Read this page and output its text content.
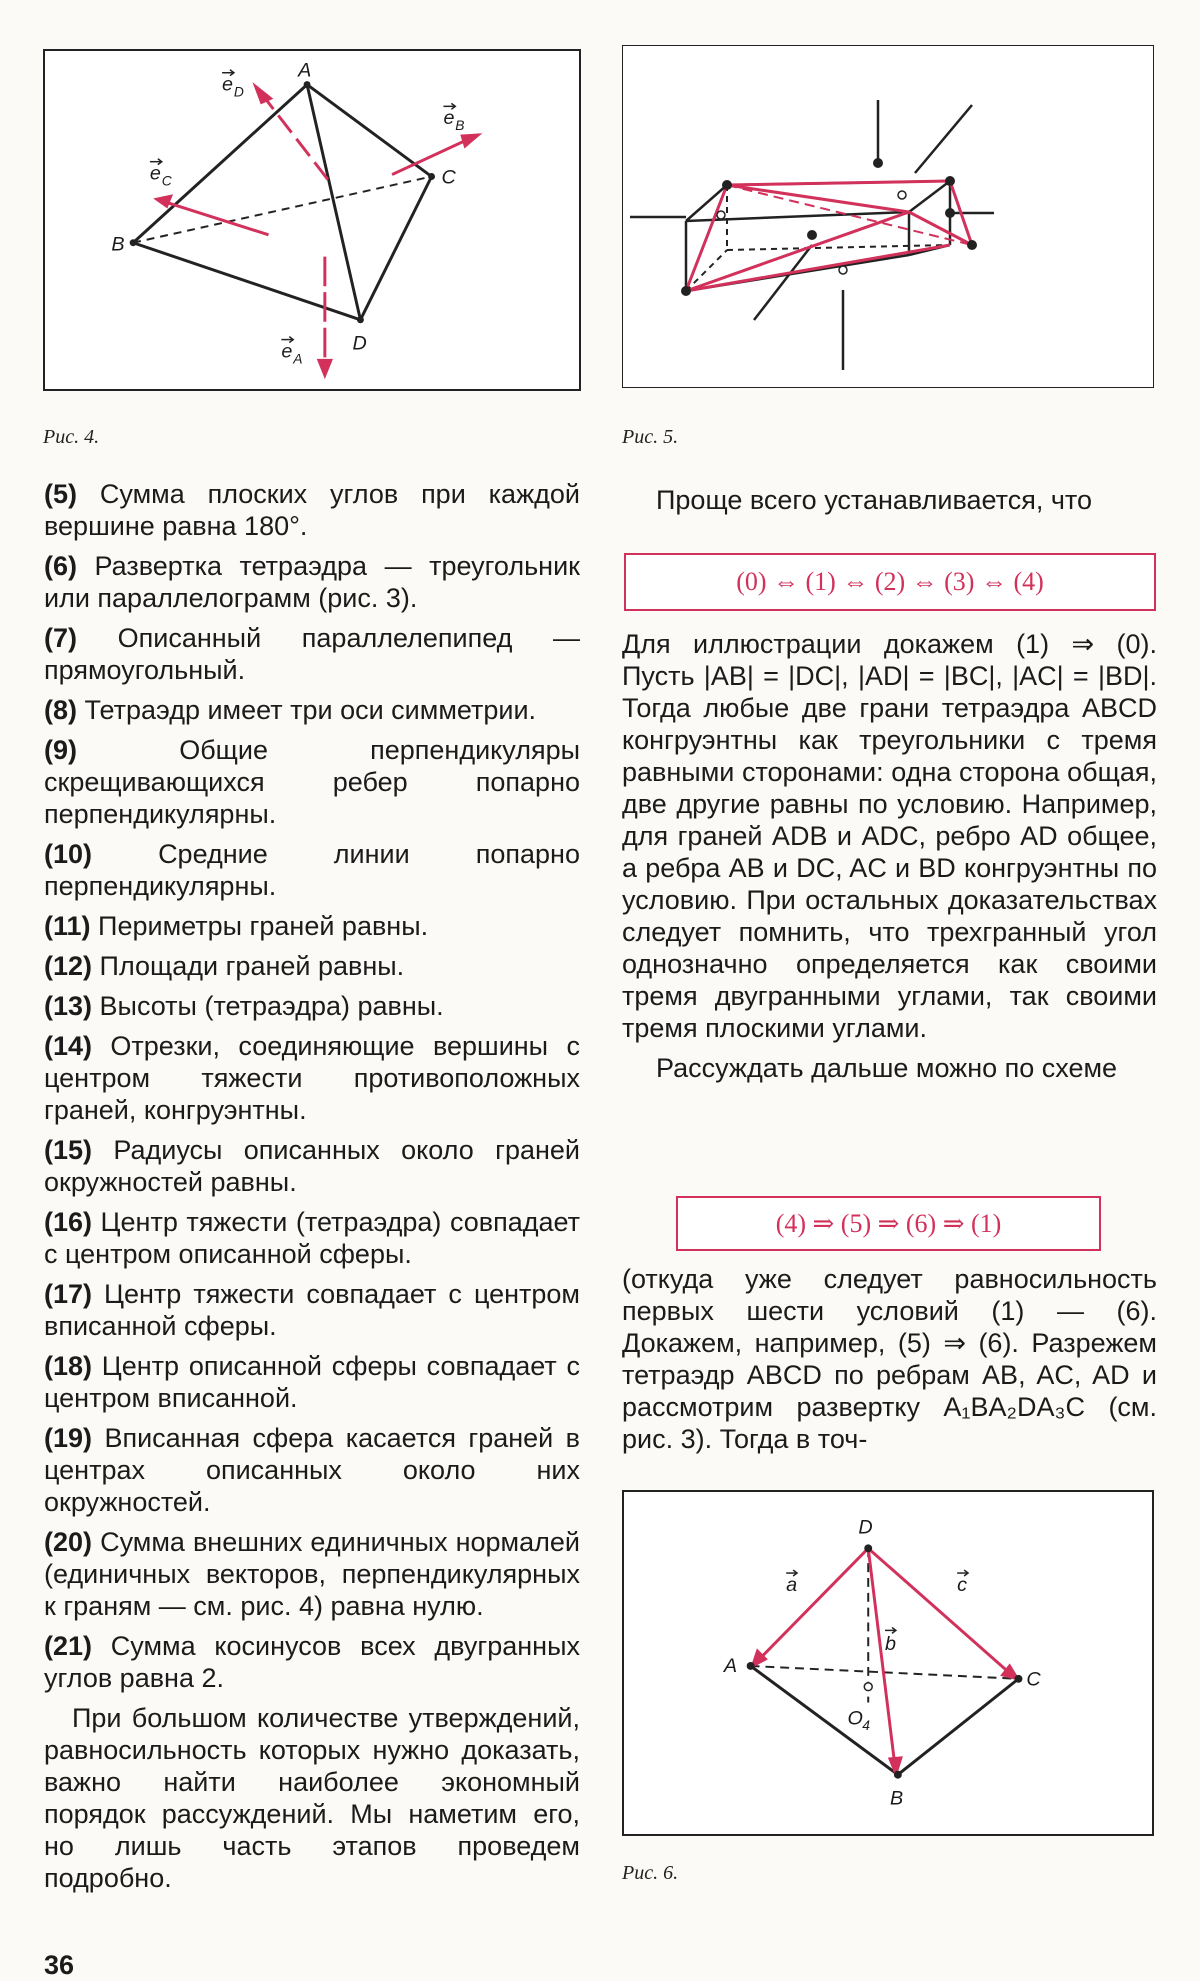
A
B
C
D
e D
e B
e C
e A
Рис. 4.	Рис. 5.

(5) Сумма плоских углов при каждой вершине равна 180°.

(6) Развертка тетраэдра — треугольник или параллелограмм (рис. 3).

(7) Описанный параллелепипед — прямоугольный.

(8) Тетраэдр имеет три оси симметрии.

(9)	Общие перпендикуляры скрещивающихся ребер попарно перпендикулярны.

(10) Средние линии попарно перпендикулярны.

(11) Периметры граней равны.

(12) Площади граней равны.

(13) Высоты (тетраэдра) равны.

(14) Отрезки, соединяющие вершины с центром тяжести противоположных граней, конгруэнтны.

(15) Радиусы описанных около граней окружностей равны.

(16) Центр тяжести (тетраэдра) совпадает с центром описанной сферы.

(17) Центр тяжести совпадает с центром вписанной сферы.

(18) Центр описанной сферы совпадает с центром вписанной.

(19) Вписанная сфера касается граней в центрах описанных около них окружностей.

(20) Сумма внешних единичных нормалей (единичных векторов, перпендикулярных к граням — см. рис. 4) равна нулю.

(21) Сумма косинусов всех двугранных углов равна 2.

При большом количестве утверждений, равносильность которых нужно доказать, важно найти наиболее экономный порядок рассуждений. Мы наметим его, но лишь часть этапов проведем подробно.

Проще всего устанавливается, что
(0) ⇔ (1) ⇔ (2) ⇔ (3) ⇔ (4)

Для иллюстрации докажем (1) ⇒ (0). Пусть |AB| = |DC|, |AD| = |BC|, |AC| = |BD|. Тогда любые две грани тетраэдра ABCD конгруэнтны как треугольники с тремя равными сторонами: одна сторона общая, две другие равны по условию. Например, для граней ADB и ADC, ребро AD общее, а ребра AB и DC, AC и BD конгруэнтны по условию. При остальных доказательствах следует помнить, что трехгранный угол однозначно определяется как своими тремя двугранными углами, так своими тремя плоскими углами.

Рассуждать дальше можно по схеме

(4) ⇒ (5) ⇒ (6) ⇒ (1)
(откуда уже следует равносильность первых шести условий (1) — (6). Докажем, например, (5) ⇒ (6). Разрежем тетраэдр ABCD по ребрам AB, AC, AD и рассмотрим развертку A₁BA₂DA₃C (см. рис. 3). Тогда в точ-
D
A
C
B
O 4
a	c
b
Рис. 6.
36
